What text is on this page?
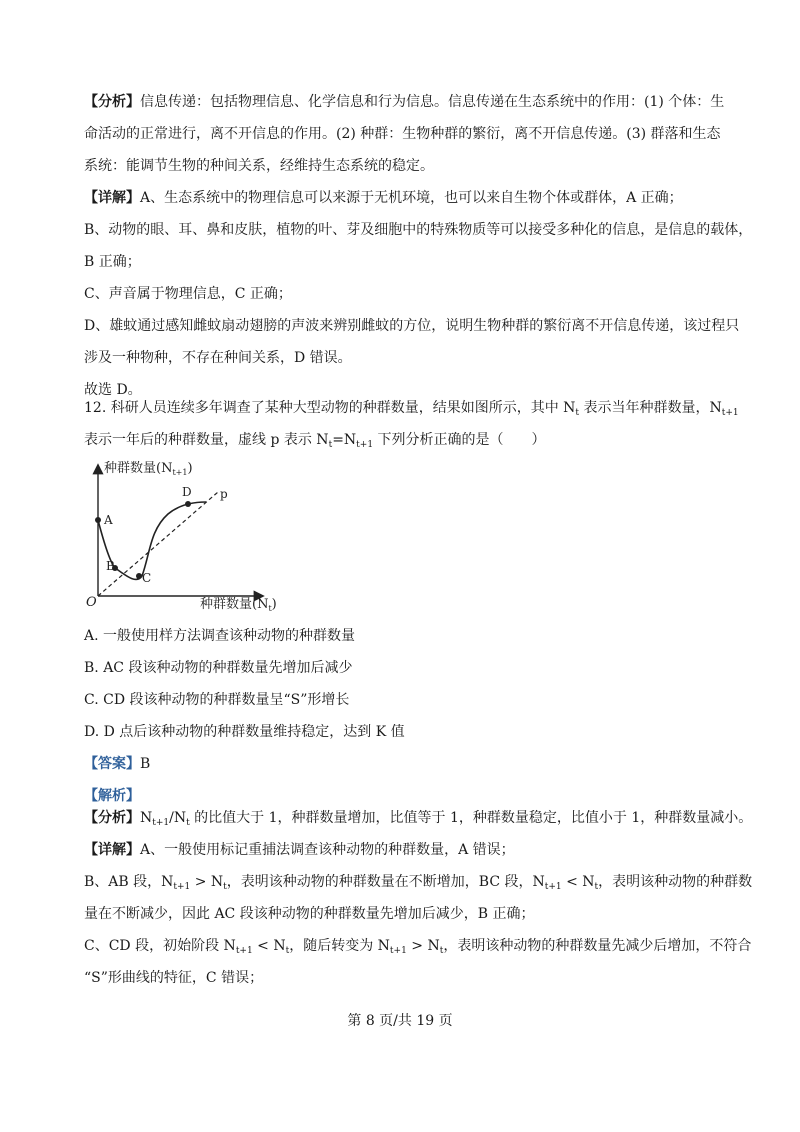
【分析】信息传递：包括物理信息、化学信息和行为信息。信息传递在生态系统中的作用：(1) 个体：生
命活动的正常进行，离不开信息的作用。(2) 种群：生物种群的繁衍，离不开信息传递。(3) 群落和生态
系统：能调节生物的种间关系，经维持生态系统的稳定。
【详解】A、生态系统中的物理信息可以来源于无机环境，也可以来自生物个体或群体，A 正确；
B、动物的眼、耳、鼻和皮肤，植物的叶、芽及细胞中的特殊物质等可以接受多种化的信息，是信息的载体，
B 正确；
C、声音属于物理信息，C 正确；
D、雄蚊通过感知雌蚊扇动翅膀的声波来辨别雌蚊的方位，说明生物种群的繁衍离不开信息传递，该过程只
涉及一种物种，不存在种间关系，D 错误。
故选 D。
12. 科研人员连续多年调查了某种大型动物的种群数量，结果如图所示，其中 $N_t$ 表示当年种群数量，$N_{t+1}$
表示一年后的种群数量，虚线 p 表示 $N_t=N_{t+1}$ 下列分析正确的是（　　）
种群数量$(N_{t+1})$
种群数量$(N_t)$
O
A
B
C
D p
A. 一般使用样方法调查该种动物的种群数量
B. AC 段该种动物的种群数量先增加后减少
C. CD 段该种动物的种群数量呈“S”形增长
D. D 点后该种动物的种群数量维持稳定，达到 K 值
【答案】B
【解析】
【分析】$N_{t+1}/N_t$ 的比值大于 1，种群数量增加，比值等于 1，种群数量稳定，比值小于 1，种群数量减小。
【详解】A、一般使用标记重捕法调查该种动物的种群数量，A 错误；
B、AB 段，$N_{t+1} > N_t$，表明该种动物的种群数量在不断增加，BC 段，$N_{t+1} < N_t$，表明该种动物的种群数
量在不断减少，因此 AC 段该种动物的种群数量先增加后减少，B 正确；
C、CD 段，初始阶段 $N_{t+1} < N_t$，随后转变为 $N_{t+1} > N_t$，表明该种动物的种群数量先减少后增加，不符合
“S”形曲线的特征，C 错误；
第 8 页/共 19 页
